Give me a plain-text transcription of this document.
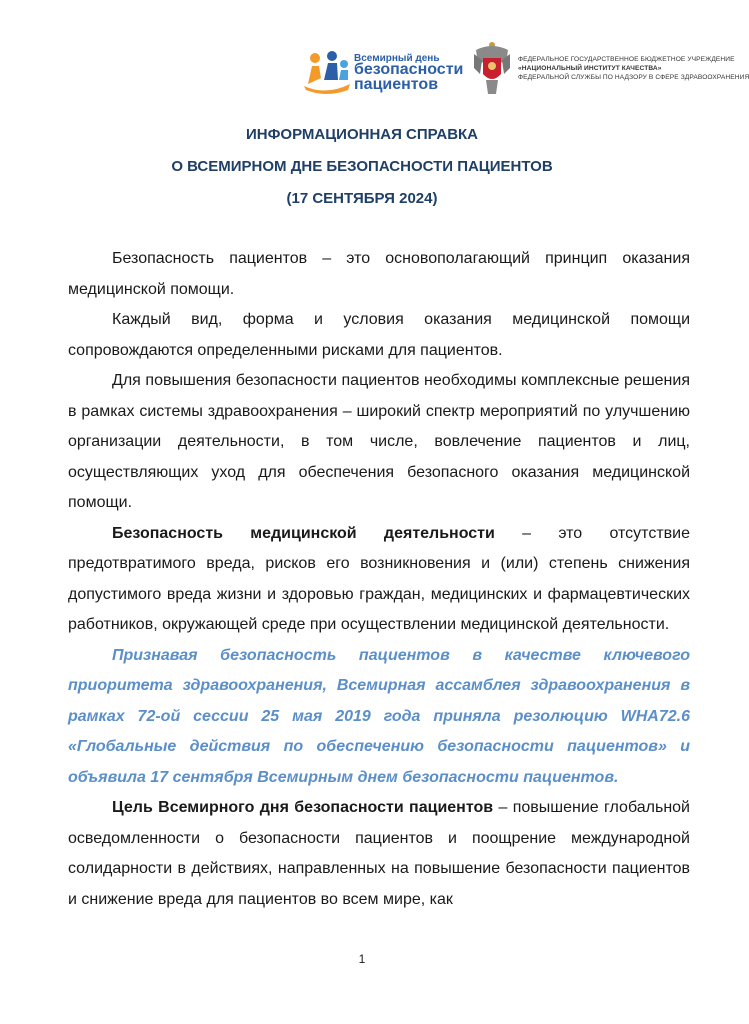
Всемирный день
безопасности
пациентов
ФЕДЕРАЛЬНОЕ ГОСУДАРСТВЕННОЕ БЮДЖЕТНОЕ УЧРЕЖДЕНИЕ
«НАЦИОНАЛЬНЫЙ ИНСТИТУТ КАЧЕСТВА»
ФЕДЕРАЛЬНОЙ СЛУЖБЫ ПО НАДЗОРУ В СФЕРЕ ЗДРАВООХРАНЕНИЯ
ИНФОРМАЦИОННАЯ СПРАВКА
О ВСЕМИРНОМ ДНЕ БЕЗОПАСНОСТИ ПАЦИЕНТОВ
(17 СЕНТЯБРЯ 2024)

Безопасность пациентов – это основополагающий принцип оказания медицинской помощи.

Каждый вид, форма и условия оказания медицинской помощи сопровождаются определенными рисками для пациентов.

Для повышения безопасности пациентов необходимы комплексные решения в рамках системы здравоохранения – широкий спектр мероприятий по улучшению организации деятельности, в том числе, вовлечение пациентов и лиц, осуществляющих уход для обеспечения безопасного оказания медицинской помощи.

Безопасность медицинской деятельности – это отсутствие предотвратимого вреда, рисков его возникновения и (или) степень снижения допустимого вреда жизни и здоровью граждан, медицинских и фармацевтических работников, окружающей среде при осуществлении медицинской деятельности.

Признавая безопасность пациентов в качестве ключевого приоритета здравоохранения, Всемирная ассамблея здравоохранения в рамках 72-ой сессии 25 мая 2019 года приняла резолюцию WHA72.6 «Глобальные действия по обеспечению безопасности пациентов» и объявила 17 сентября Всемирным днем безопасности пациентов.

Цель Всемирного дня безопасности пациентов – повышение глобальной осведомленности о безопасности пациентов и поощрение международной солидарности в действиях, направленных на повышение безопасности пациентов и снижение вреда для пациентов во всем мире, как

1
